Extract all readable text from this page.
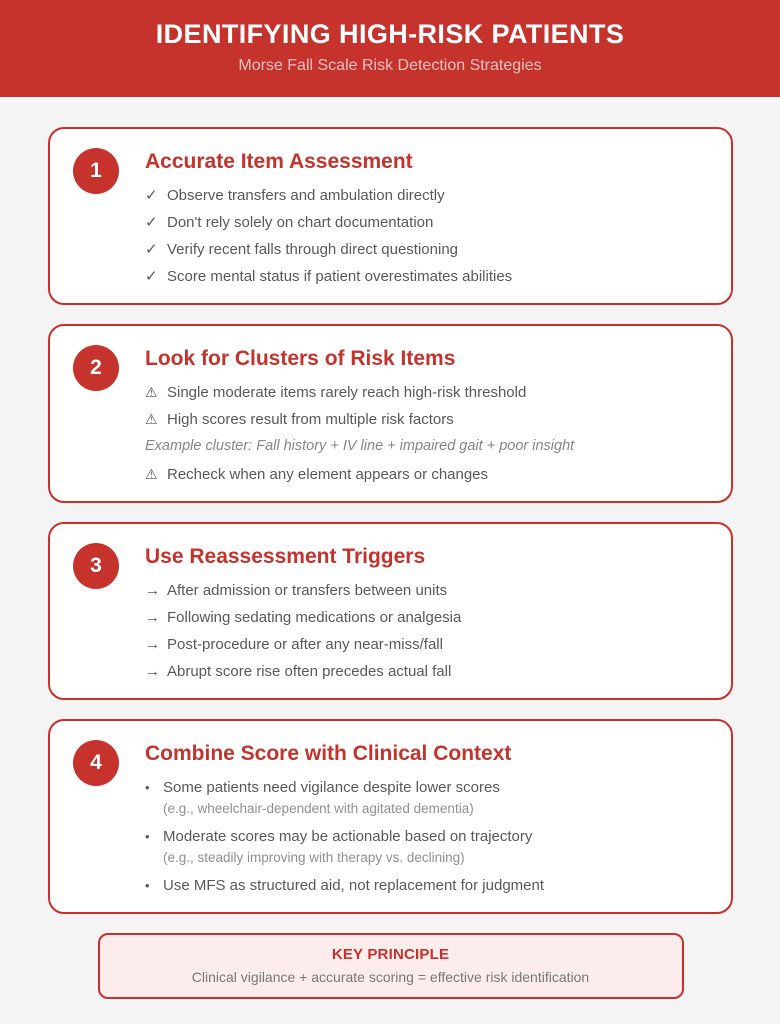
IDENTIFYING HIGH-RISK PATIENTS
Morse Fall Scale Risk Detection Strategies
1	Accurate Item Assessment
✓ Observe transfers and ambulation directly
✓ Don't rely solely on chart documentation
✓ Verify recent falls through direct questioning
✓ Score mental status if patient overestimates abilities
2	Look for Clusters of Risk Items
⚠ Single moderate items rarely reach high-risk threshold
⚠ High scores result from multiple risk factors
Example cluster: Fall history + IV line + impaired gait + poor insight
⚠ Recheck when any element appears or changes
3	Use Reassessment Triggers
→ After admission or transfers between units
→ Following sedating medications or analgesia
→ Post-procedure or after any near-miss/fall
→ Abrupt score rise often precedes actual fall
4	Combine Score with Clinical Context
• Some patients need vigilance despite lower scores
(e.g., wheelchair-dependent with agitated dementia)
• Moderate scores may be actionable based on trajectory
(e.g., steadily improving with therapy vs. declining)
• Use MFS as structured aid, not replacement for judgment
KEY PRINCIPLE
Clinical vigilance + accurate scoring = effective risk identification
